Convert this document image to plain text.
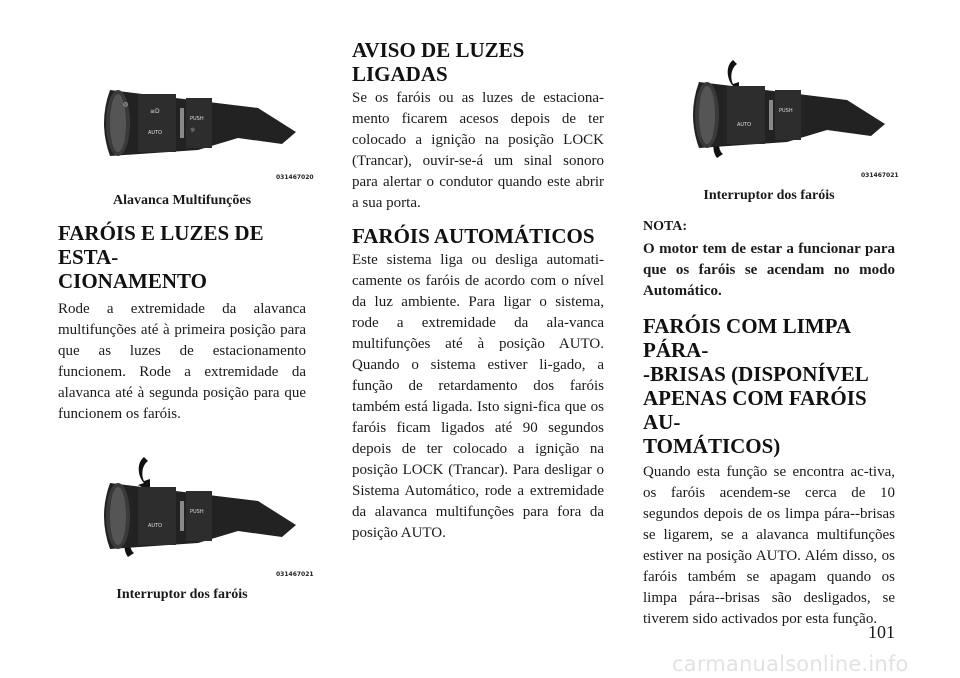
◎
≡D
AUTO
PUSH
☼
031467020
Alavanca Multifunções
FARÓIS E LUZES DE ESTA-
CIONAMENTO

Rode a extremidade da alavanca multifunções até à primeira posição para que as luzes de estacionamento funcionem. Rode a extremidade da alavanca até à segunda posição para que funcionem os faróis.

AUTO
PUSH
031467021
Interruptor dos faróis
AVISO DE LUZES LIGADAS

Se os faróis ou as luzes de estaciona-mento ficarem acesos depois de ter colocado a ignição na posição LOCK (Trancar), ouvir-se-á um sinal sonoro para alertar o condutor quando este abrir a sua porta.

FARÓIS AUTOMÁTICOS

Este sistema liga ou desliga automati-camente os faróis de acordo com o nível da luz ambiente. Para ligar o sistema, rode a extremidade da ala-vanca multifunções até à posição AUTO. Quando o sistema estiver li-gado, a função de retardamento dos faróis também está ligada. Isto signi-fica que os faróis ficam ligados até 90 segundos depois de ter colocado a ignição na posição LOCK (Trancar). Para desligar o Sistema Automático, rode a extremidade da alavanca multifunções para fora da posição AUTO.

AUTO
PUSH
031467021
Interruptor dos faróis

NOTA:

O motor tem de estar a funcionar para que os faróis se acendam no modo Automático.

FARÓIS COM LIMPA PÁRA-
-BRISAS (DISPONÍVEL
APENAS COM FARÓIS AU-
TOMÁTICOS)

Quando esta função se encontra ac-tiva, os faróis acendem-se cerca de 10 segundos depois de os limpa pára--brisas se ligarem, se a alavanca multifunções estiver na posição AUTO. Além disso, os faróis também se apagam quando os limpa pára--brisas são desligados, se tiverem sido activados por esta função.

101
carmanualsonline.info
